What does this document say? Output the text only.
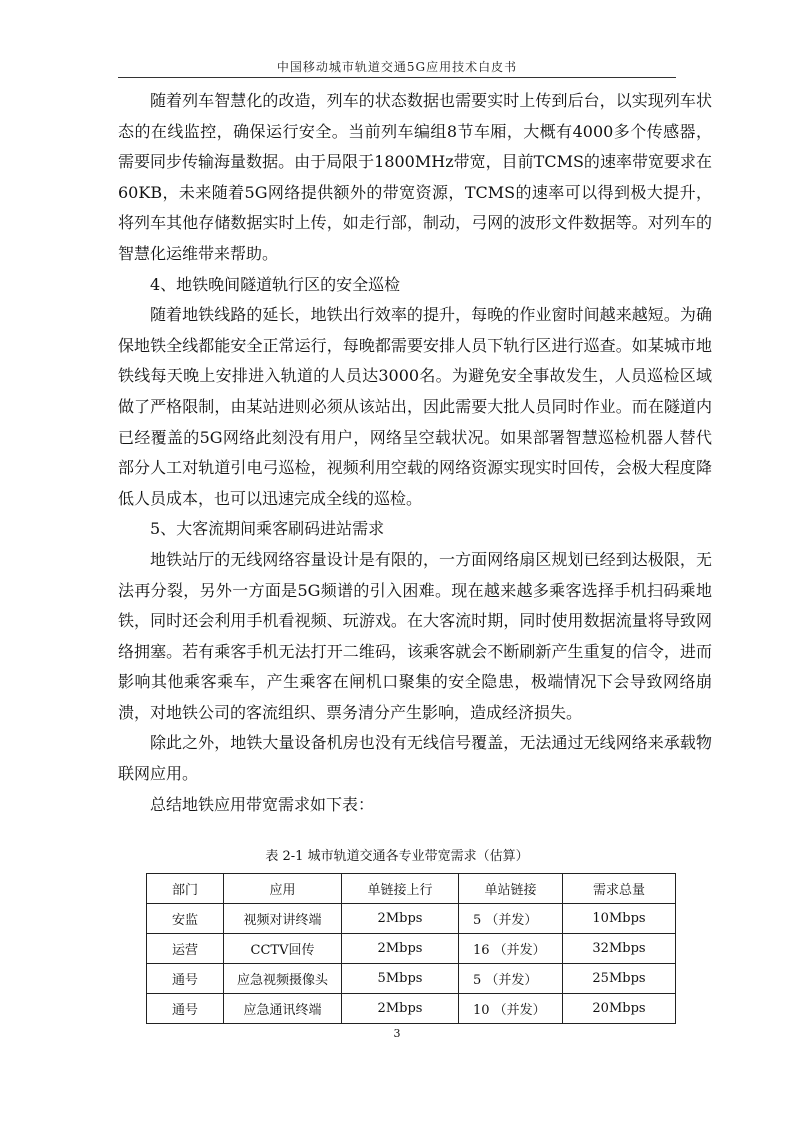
中国移动城市轨道交通5G应用技术白皮书

随着列车智慧化的改造，列车的状态数据也需要实时上传到后台，以实现列车状态的在线监控，确保运行安全。当前列车编组8节车厢，大概有4000多个传感器，需要同步传输海量数据。由于局限于1800MHz带宽，目前TCMS的速率带宽要求在60KB，未来随着5G网络提供额外的带宽资源，TCMS的速率可以得到极大提升，将列车其他存储数据实时上传，如走行部，制动，弓网的波形文件数据等。对列车的智慧化运维带来帮助。

4、地铁晚间隧道轨行区的安全巡检

随着地铁线路的延长，地铁出行效率的提升，每晚的作业窗时间越来越短。为确保地铁全线都能安全正常运行，每晚都需要安排人员下轨行区进行巡查。如某城市地铁线每天晚上安排进入轨道的人员达3000名。为避免安全事故发生，人员巡检区域做了严格限制，由某站进则必须从该站出，因此需要大批人员同时作业。而在隧道内已经覆盖的5G网络此刻没有用户，网络呈空载状况。如果部署智慧巡检机器人替代部分人工对轨道引电弓巡检，视频利用空载的网络资源实现实时回传，会极大程度降低人员成本，也可以迅速完成全线的巡检。

5、大客流期间乘客刷码进站需求

地铁站厅的无线网络容量设计是有限的，一方面网络扇区规划已经到达极限，无法再分裂，另外一方面是5G频谱的引入困难。现在越来越多乘客选择手机扫码乘地铁，同时还会利用手机看视频、玩游戏。在大客流时期，同时使用数据流量将导致网络拥塞。若有乘客手机无法打开二维码，该乘客就会不断刷新产生重复的信令，进而影响其他乘客乘车，产生乘客在闸机口聚集的安全隐患，极端情况下会导致网络崩溃，对地铁公司的客流组织、票务清分产生影响，造成经济损失。

除此之外，地铁大量设备机房也没有无线信号覆盖，无法通过无线网络来承载物联网应用。

总结地铁应用带宽需求如下表：

表 2-1 城市轨道交通各专业带宽需求（估算）
部门	应用	单链接上行	单站链接	需求总量
安监	视频对讲终端	2Mbps	5 （并发）	10Mbps
运营	CCTV回传	2Mbps	16 （并发）	32Mbps
通号	应急视频摄像头	5Mbps	5 （并发）	25Mbps
通号	应急通讯终端	2Mbps	10 （并发）	20Mbps
3
